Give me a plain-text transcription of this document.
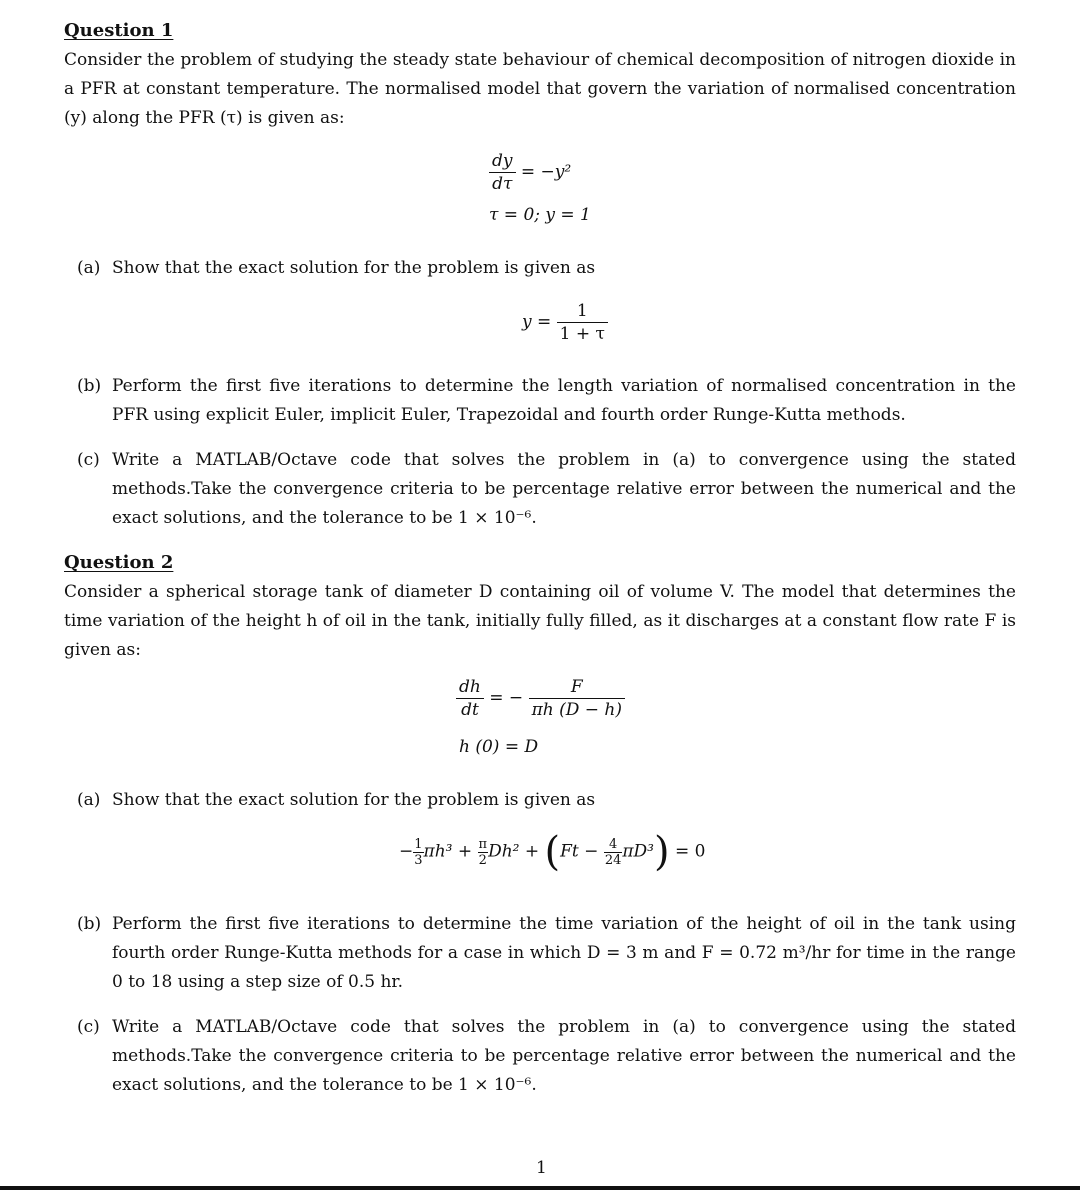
Question 1
Consider the problem of studying the steady state behaviour of chemical decomposition of nitrogen dioxide in a PFR at constant temperature. The normalised model that govern the variation of normalised concentration (y) along the PFR (τ) is given as:
$\frac{dy}{d\tau} = -y^2$
τ = 0; y = 1
(a) Show that the exact solution for the problem is given as
$y = \frac{1}{1 + \tau}$
(b) Perform the first five iterations to determine the length variation of normalised concentration in the PFR using explicit Euler, implicit Euler, Trapezoidal and fourth order Runge-Kutta methods.
(c) Write a MATLAB/Octave code that solves the problem in (a) to convergence using the stated methods.Take the convergence criteria to be percentage relative error between the numerical and the exact solutions, and the tolerance to be 1 × 10⁻⁶.
Question 2
Consider a spherical storage tank of diameter D containing oil of volume V. The model that determines the time variation of the height h of oil in the tank, initially fully filled, as it discharges at a constant flow rate F is given as:
$\frac{dh}{dt}$ = − $\frac{F}{\pi h (D - h)}$
h (0) = D
(a) Show that the exact solution for the problem is given as
− $\frac{1}{3} \pi h^3 + \frac{\pi}{2} Dh^2 + (Ft - \frac{4}{24} \pi D^3) = 0$
(b) Perform the first five iterations to determine the time variation of the height of oil in the tank using fourth order Runge-Kutta methods for a case in which D = 3 m and F = 0.72 m³/hr for time in the range 0 to 18 using a step size of 0.5 hr.
(c) Write a MATLAB/Octave code that solves the problem in (a) to convergence using the stated methods.Take the convergence criteria to be percentage relative error between the numerical and the exact solutions, and the tolerance to be 1 × 10⁻⁶.
1
